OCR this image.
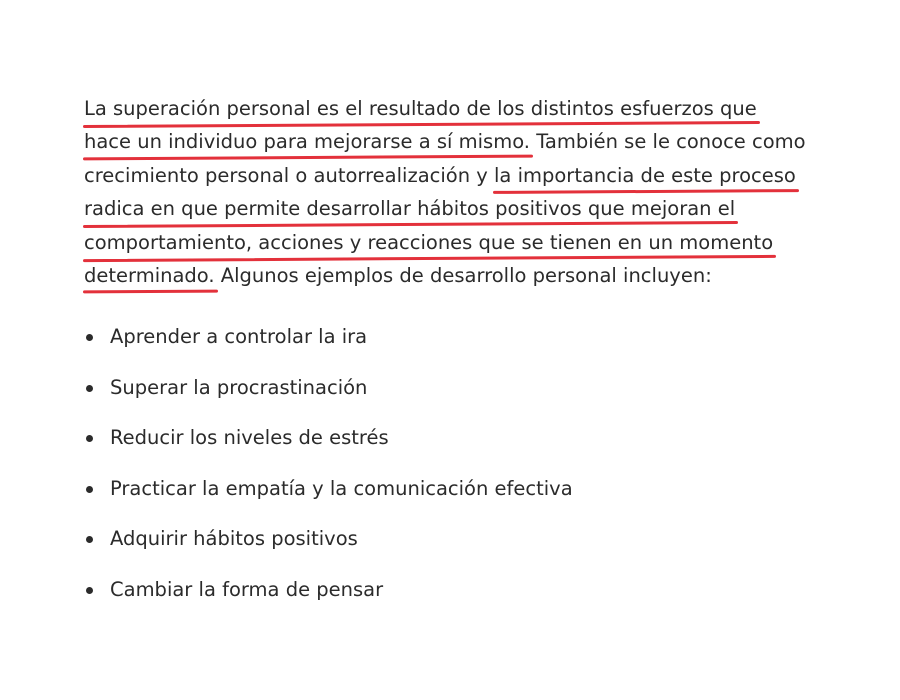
La superación personal es el resultado de los distintos esfuerzos que
hace un individuo para mejorarse a sí mismo. También se le conoce como
crecimiento personal o autorrealización y la importancia de este proceso
radica en que permite desarrollar hábitos positivos que mejoran el
comportamiento, acciones y reacciones que se tienen en un momento
determinado. Algunos ejemplos de desarrollo personal incluyen:

Aprender a controlar la ira
Superar la procrastinación
Reducir los niveles de estrés
Practicar la empatía y la comunicación efectiva
Adquirir hábitos positivos
Cambiar la forma de pensar
